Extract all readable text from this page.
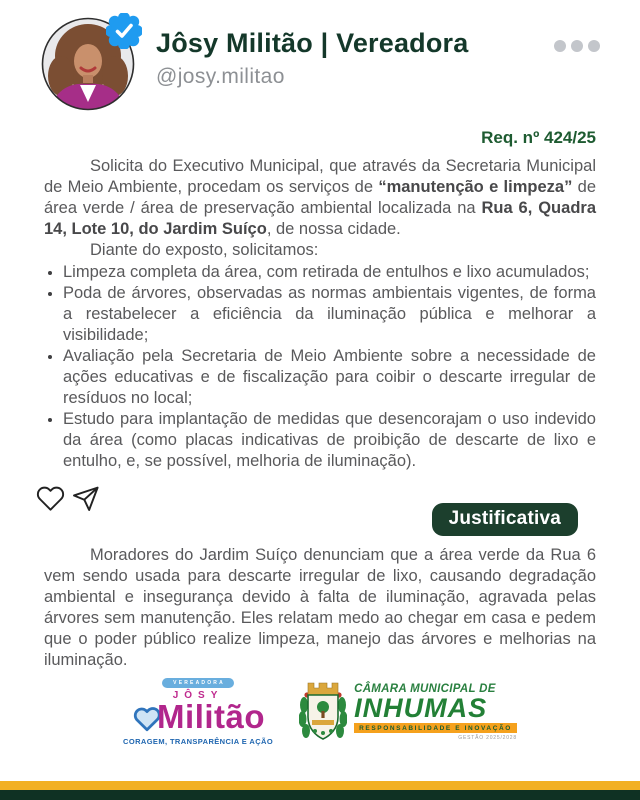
Jôsy Militão | Vereadora
@josy.militao
Req. nº 424/25

Solicita do Executivo Municipal, que através da Secretaria Municipal de Meio Ambiente, procedam os serviços de “manutenção e limpeza” de área verde / área de preservação ambiental localizada na Rua 6, Quadra 14, Lote 10, do Jardim Suíço, de nossa cidade.

Diante do exposto, solicitamos:

• Limpeza completa da área, com retirada de entulhos e lixo acumulados;
• Poda de árvores, observadas as normas ambientais vigentes, de forma a restabelecer a eficiência da iluminação pública e melhorar a visibilidade;
• Avaliação pela Secretaria de Meio Ambiente sobre a necessidade de ações educativas e de fiscalização para coibir o descarte irregular de resíduos no local;
• Estudo para implantação de medidas que desencorajam o uso indevido da área (como placas indicativas de proibição de descarte de lixo e entulho, e, se possível, melhoria de iluminação).
Justificativa

Moradores do Jardim Suíço denunciam que a área verde da Rua 6 vem sendo usada para descarte irregular de lixo, causando degradação ambiental e insegurança devido à falta de iluminação, agravada pelas árvores sem manutenção. Eles relatam medo ao chegar em casa e pedem que o poder público realize limpeza, manejo das árvores e melhorias na iluminação.

VEREADORA
JÔSY
Militão
CORAGEM, TRANSPARÊNCIA E AÇÃO
CÂMARA MUNICIPAL DE
INHUMAS
RESPONSABILIDADE E INOVAÇÃO
GESTÃO 2025/2028
